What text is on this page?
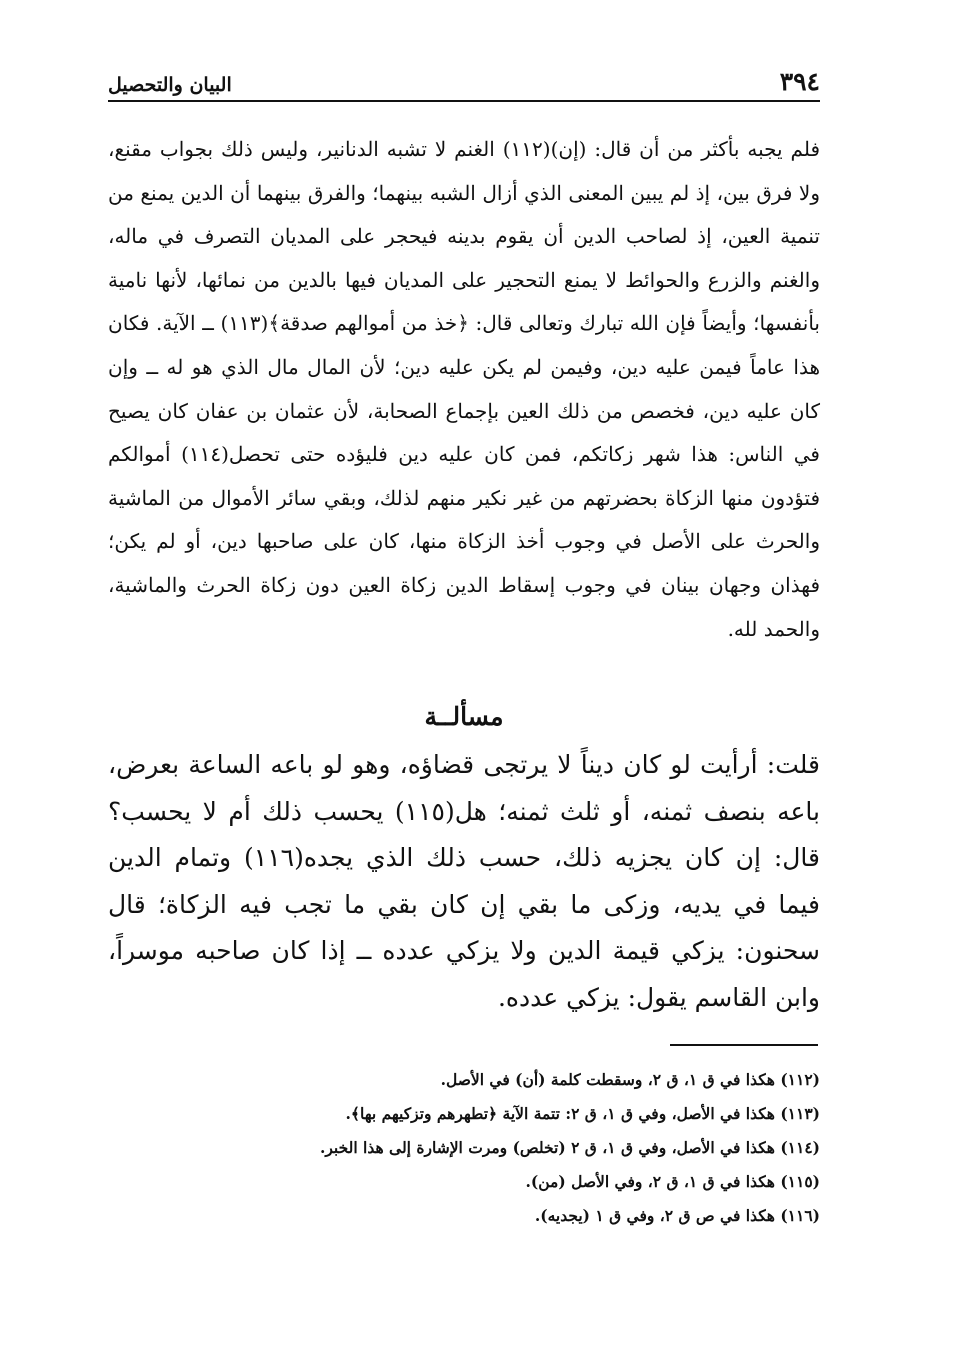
٣٩٤
البيان والتحصيل

فلم يجبه بأكثر من أن قال: (إن)(١١٢) الغنم لا تشبه الدنانير، وليس ذلك بجواب مقنع، ولا فرق بين، إذ لم يبين المعنى الذي أزال الشبه بينهما؛ والفرق بينهما أن الدين يمنع من تنمية العين، إذ لصاحب الدين أن يقوم بدينه فيحجر على المديان التصرف في ماله، والغنم والزرع والحوائط لا يمنع التحجير على المديان فيها بالدين من نمائها، لأنها نامية بأنفسها؛ وأيضاً فإن الله تبارك وتعالى قال: ﴿خذ من أموالهم صدقة﴾(١١٣) ــ الآية. فكان هذا عاماً فيمن عليه دين، وفيمن لم يكن عليه دين؛ لأن المال مال الذي هو له ــ وإن كان عليه دين، فخصص من ذلك العين بإجماع الصحابة، لأن عثمان بن عفان كان يصيح في الناس: هذا شهر زكاتكم، فمن كان عليه دين فليؤده حتى تحصل(١١٤) أموالكم فتؤدون منها الزكاة بحضرتهم من غير نكير منهم لذلك، وبقي سائر الأموال من الماشية والحرث على الأصل في وجوب أخذ الزكاة منها، كان على صاحبها دين، أو لم يكن؛ فهذان وجهان بينان في وجوب إسقاط الدين زكاة العين دون زكاة الحرث والماشية، والحمد لله.

مسألــة

قلت: أرأيت لو كان ديناً لا يرتجى قضاؤه، وهو لو باعه الساعة بعرض، باعه بنصف ثمنه، أو ثلث ثمنه؛ هل(١١٥) يحسب ذلك أم لا يحسب؟ قال: إن كان يجزيه ذلك، حسب ذلك الذي يجده(١١٦) وتمام الدين فيما في يديه، وزكى ما بقي إن كان بقي ما تجب فيه الزكاة؛ قال سحنون: يزكي قيمة الدين ولا يزكي عدده ــ إذا كان صاحبه موسراً، وابن القاسم يقول: يزكي عدده.

(١١٢) هكذا في ق ١، ق ٢، وسقطت كلمة (أن) في الأصل.
(١١٣) هكذا في الأصل، وفي ق ١، ق ٢: تتمة الآية ﴿تطهرهم وتزكيهم بها﴾.
(١١٤) هكذا في الأصل، وفي ق ١، ق ٢ (تخلص) ومرت الإشارة إلى هذا الخبر.
(١١٥) هكذا في ق ١، ق ٢، وفي الأصل (من).
(١١٦) هكذا في ص ق ٢، وفي ق ١ (يجديه).
